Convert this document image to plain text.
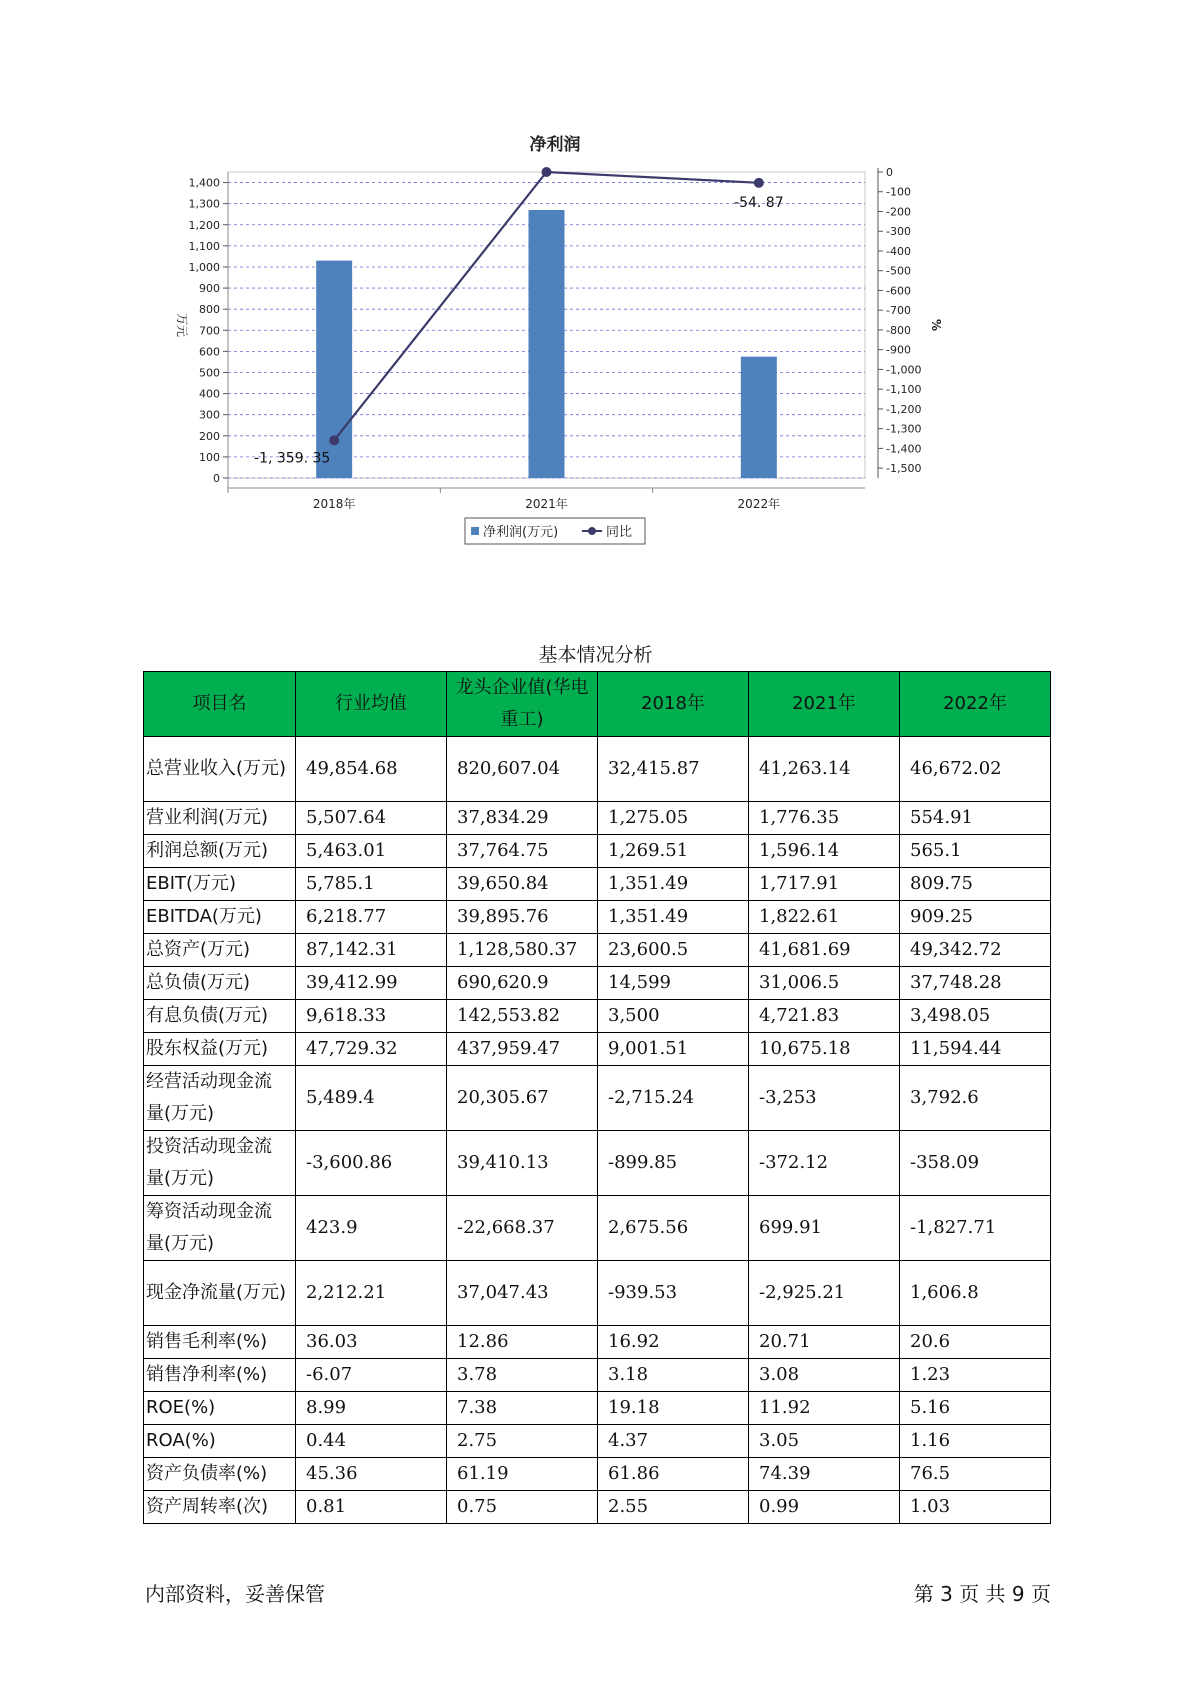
净利润
0
100
200
300
400
500
600
700
800
900
1,000
1,100
1,200
1,300
1,400
0
-100
-200
-300
-400
-500
-600
-700
-800
-900
-1,000
-1,100
-1,200
-1,300
-1,400
-1,500
万元	%
2018年	2021年	2022年
-1, 359. 35
-54. 87
净利润(万元)	同比
基本情况分析
项目名	行业均值	龙头企业值(华电重工)	2018年	2021年	2022年
总营业收入(万元)	49,854.68	820,607.04	32,415.87	41,263.14	46,672.02
营业利润(万元)	5,507.64	37,834.29	1,275.05	1,776.35	554.91
利润总额(万元)	5,463.01	37,764.75	1,269.51	1,596.14	565.1
EBIT(万元)	5,785.1	39,650.84	1,351.49	1,717.91	809.75
EBITDA(万元)	6,218.77	39,895.76	1,351.49	1,822.61	909.25
总资产(万元)	87,142.31	1,128,580.37	23,600.5	41,681.69	49,342.72
总负债(万元)	39,412.99	690,620.9	14,599	31,006.5	37,748.28
有息负债(万元)	9,618.33	142,553.82	3,500	4,721.83	3,498.05
股东权益(万元)	47,729.32	437,959.47	9,001.51	10,675.18	11,594.44
经营活动现金流量(万元)	5,489.4	20,305.67	-2,715.24	-3,253	3,792.6
投资活动现金流量(万元)	-3,600.86	39,410.13	-899.85	-372.12	-358.09
筹资活动现金流量(万元)	423.9	-22,668.37	2,675.56	699.91	-1,827.71
现金净流量(万元)	2,212.21	37,047.43	-939.53	-2,925.21	1,606.8
销售毛利率(%)	36.03	12.86	16.92	20.71	20.6
销售净利率(%)	-6.07	3.78	3.18	3.08	1.23
ROE(%)	8.99	7.38	19.18	11.92	5.16
ROA(%)	0.44	2.75	4.37	3.05	1.16
资产负债率(%)	45.36	61.19	61.86	74.39	76.5
资产周转率(次)	0.81	0.75	2.55	0.99	1.03
内部资料，妥善保管	第 3 页 共 9 页
